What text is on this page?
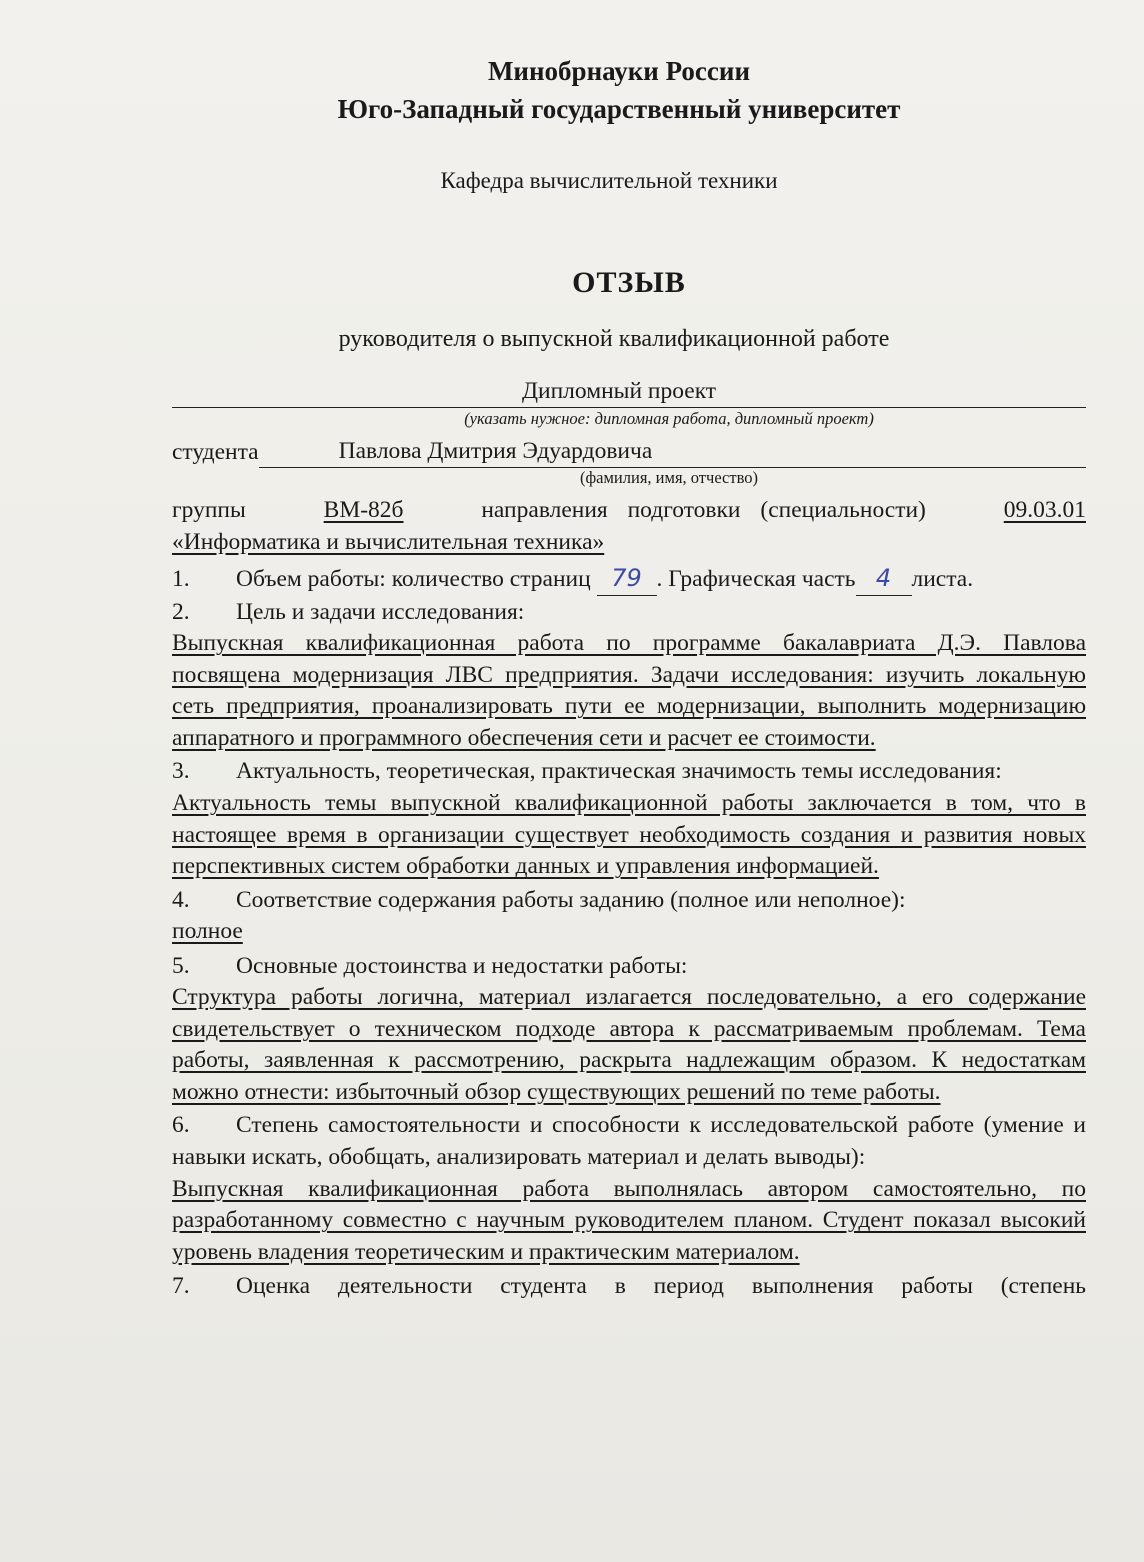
Минобрнауки России
Юго-Западный государственный университет
Кафедра вычислительной техники
ОТЗЫВ
руководителя о выпускной квалификационной работе
Дипломный проект
(указать нужное: дипломная работа, дипломный проект)
студента	Павлова Дмитрия Эдуардовича
(фамилия, имя, отчество)
группы	ВМ-82б	направления подготовки (специальности)	09.03.01
«Информатика и вычислительная техника»
1. Объем работы: количество страниц 79 . Графическая часть 4 листа.
2. Цель и задачи исследования:
Выпускная квалификационная работа по программе бакалавриата Д.Э. Павлова посвящена модернизация ЛВС предприятия. Задачи исследования: изучить локальную сеть предприятия, проанализировать пути ее модернизации, выполнить модернизацию аппаратного и программного обеспечения сети и расчет ее стоимости.
3. Актуальность, теоретическая, практическая значимость темы исследования:
Актуальность темы выпускной квалификационной работы заключается в том, что в настоящее время в организации существует необходимость создания и развития новых перспективных систем обработки данных и управления информацией.
4. Соответствие содержания работы заданию (полное или неполное):
полное
5. Основные достоинства и недостатки работы:
Структура работы логична, материал излагается последовательно, а его содержание свидетельствует о техническом подходе автора к рассматриваемым проблемам. Тема работы, заявленная к рассмотрению, раскрыта надлежащим образом. К недостаткам можно отнести: избыточный обзор существующих решений по теме работы.
6. Степень самостоятельности и способности к исследовательской работе (умение и навыки искать, обобщать, анализировать материал и делать выводы):
Выпускная квалификационная работа выполнялась автором самостоятельно, по разработанному совместно с научным руководителем планом. Студент показал высокий уровень владения теоретическим и практическим материалом.
7. Оценка деятельности студента в период выполнения работы (степень
